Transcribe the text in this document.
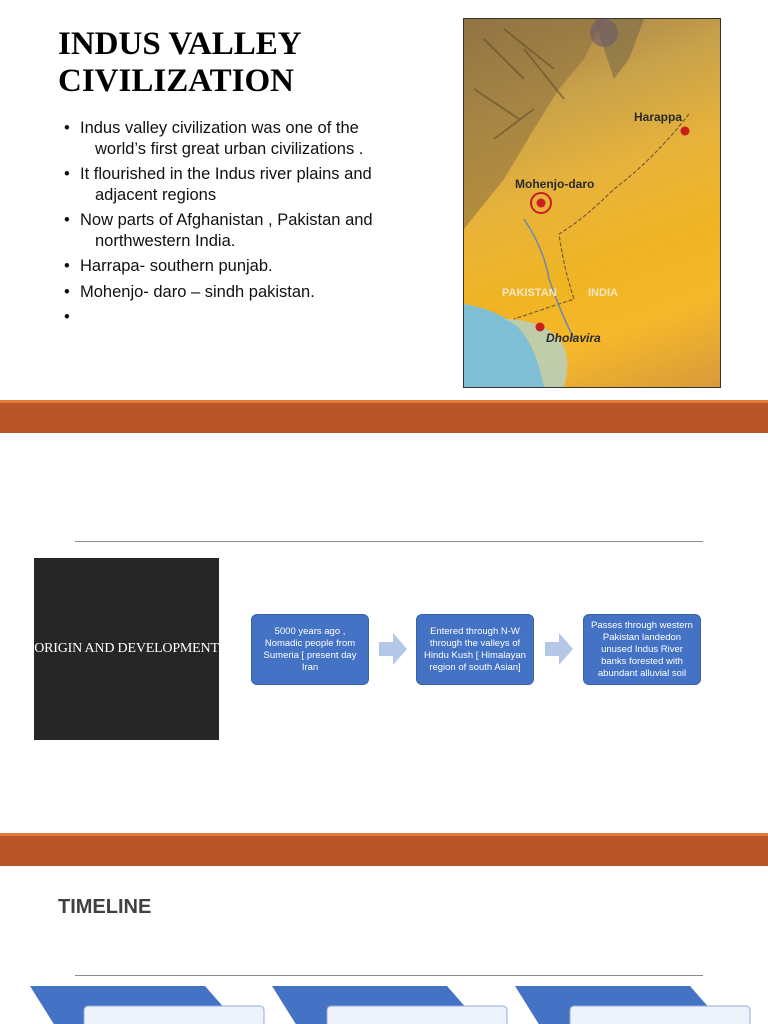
INDUS VALLEY
CIVILIZATION
• Indus valley civilization was one of the world’s first great urban civilizations .
• It flourished in the Indus river plains and adjacent regions
• Now parts of Afghanistan , Pakistan and northwestern India.
• Harrapa- southern punjab.
• Mohenjo- daro – sindh pakistan.
•
Harappa
Mohenjo-daro
PAKISTAN	INDIA
Dholavira
ORIGIN AND DEVELOPMENT
5000 years ago , Nomadic people from Sumeria [ present day Iran
Entered through N-W through the valleys of Hindu Kush [ Himalayan region of south Asian]
Passes through western Pakistan landedon unused Indus River banks forested with abundant alluvial soil
TIMELINE
